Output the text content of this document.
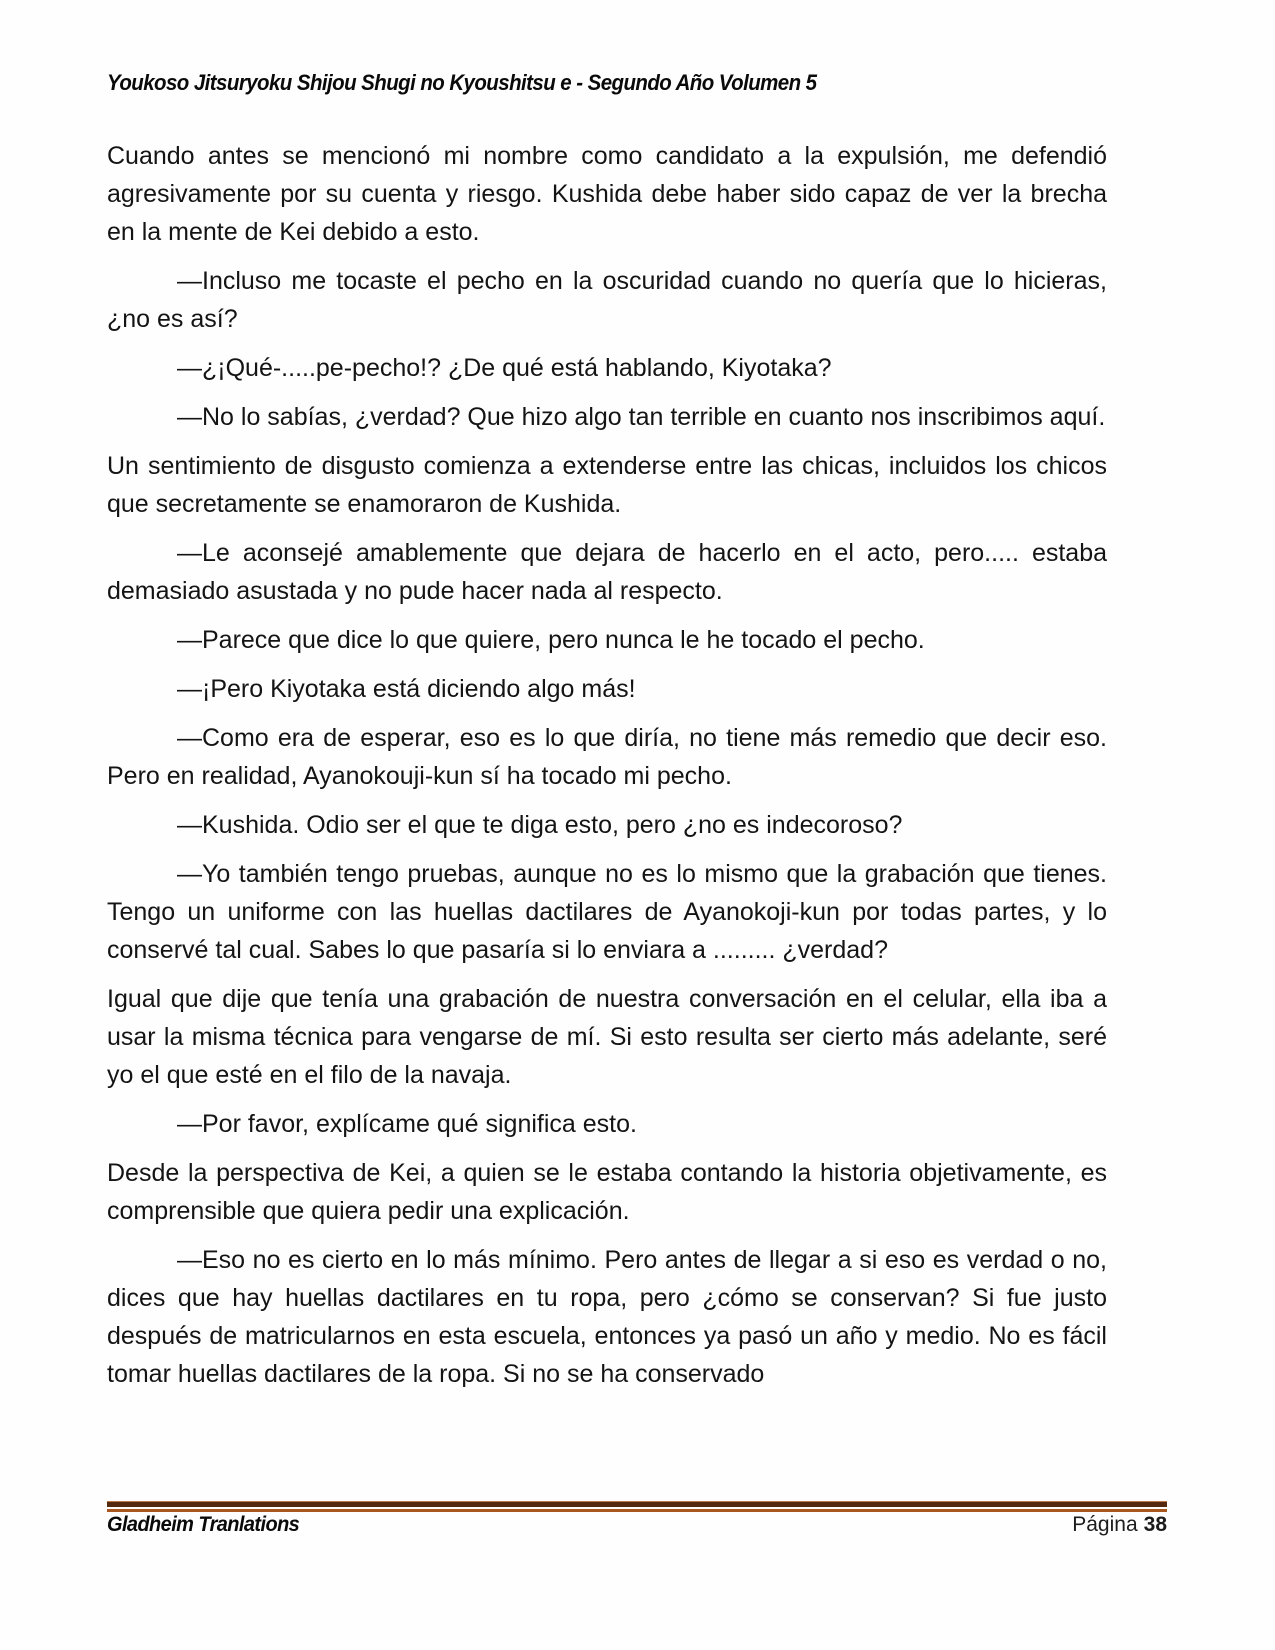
Youkoso Jitsuryoku Shijou Shugi no Kyoushitsu e - Segundo Año Volumen 5

Cuando antes se mencionó mi nombre como candidato a la expulsión, me defendió agresivamente por su cuenta y riesgo. Kushida debe haber sido capaz de ver la brecha en la mente de Kei debido a esto.

—Incluso me tocaste el pecho en la oscuridad cuando no quería que lo hicieras, ¿no es así?

—¿¡Qué-.....pe-pecho!? ¿De qué está hablando, Kiyotaka?

—No lo sabías, ¿verdad? Que hizo algo tan terrible en cuanto nos inscribimos aquí.

Un sentimiento de disgusto comienza a extenderse entre las chicas, incluidos los chicos que secretamente se enamoraron de Kushida.

—Le aconsejé amablemente que dejara de hacerlo en el acto, pero..... estaba demasiado asustada y no pude hacer nada al respecto.

—Parece que dice lo que quiere, pero nunca le he tocado el pecho.

—¡Pero Kiyotaka está diciendo algo más!

—Como era de esperar, eso es lo que diría, no tiene más remedio que decir eso. Pero en realidad, Ayanokouji-kun sí ha tocado mi pecho.

—Kushida. Odio ser el que te diga esto, pero ¿no es indecoroso?

—Yo también tengo pruebas, aunque no es lo mismo que la grabación que tienes. Tengo un uniforme con las huellas dactilares de Ayanokoji-kun por todas partes, y lo conservé tal cual. Sabes lo que pasaría si lo enviara a ......... ¿verdad?

Igual que dije que tenía una grabación de nuestra conversación en el celular, ella iba a usar la misma técnica para vengarse de mí. Si esto resulta ser cierto más adelante, seré yo el que esté en el filo de la navaja.

—Por favor, explícame qué significa esto.

Desde la perspectiva de Kei, a quien se le estaba contando la historia objetivamente, es comprensible que quiera pedir una explicación.

—Eso no es cierto en lo más mínimo. Pero antes de llegar a si eso es verdad o no, dices que hay huellas dactilares en tu ropa, pero ¿cómo se conservan? Si fue justo después de matricularnos en esta escuela, entonces ya pasó un año y medio. No es fácil tomar huellas dactilares de la ropa. Si no se ha conservado

Gladheim Tranlations	Página 38
